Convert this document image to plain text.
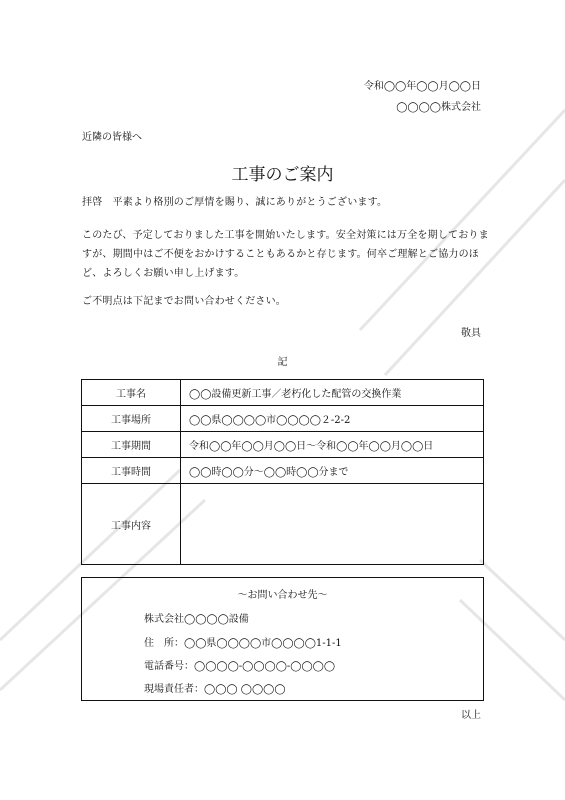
令和◯◯年◯◯月◯◯日
◯◯◯◯株式会社
近隣の皆様へ
工事のご案内
拝啓　平素より格別のご厚情を賜り、誠にありがとうございます。
このたび、予定しておりました工事を開始いたします。安全対策には万全を期しておりま
すが、期間中はご不便をおかけすることもあるかと存じます。何卒ご理解とご協力のほ
ど、よろしくお願い申し上げます。
ご不明点は下記までお問い合わせください。
敬具
記
工事名	◯◯設備更新工事／老朽化した配管の交換作業
工事場所	◯◯県◯◯◯◯市◯◯◯◯２-2-2
工事期間	令和◯◯年◯◯月◯◯日～令和◯◯年◯◯月◯◯日
工事時間	◯◯時◯◯分～◯◯時◯◯分まで
工事内容	
～お問い合わせ先～
株式会社◯◯◯◯設備
住　所：◯◯県◯◯◯◯市◯◯◯◯1-1-1
電話番号：◯◯◯◯-◯◯◯◯-◯◯◯◯
現場責任者：◯◯◯ ◯◯◯◯
以上
